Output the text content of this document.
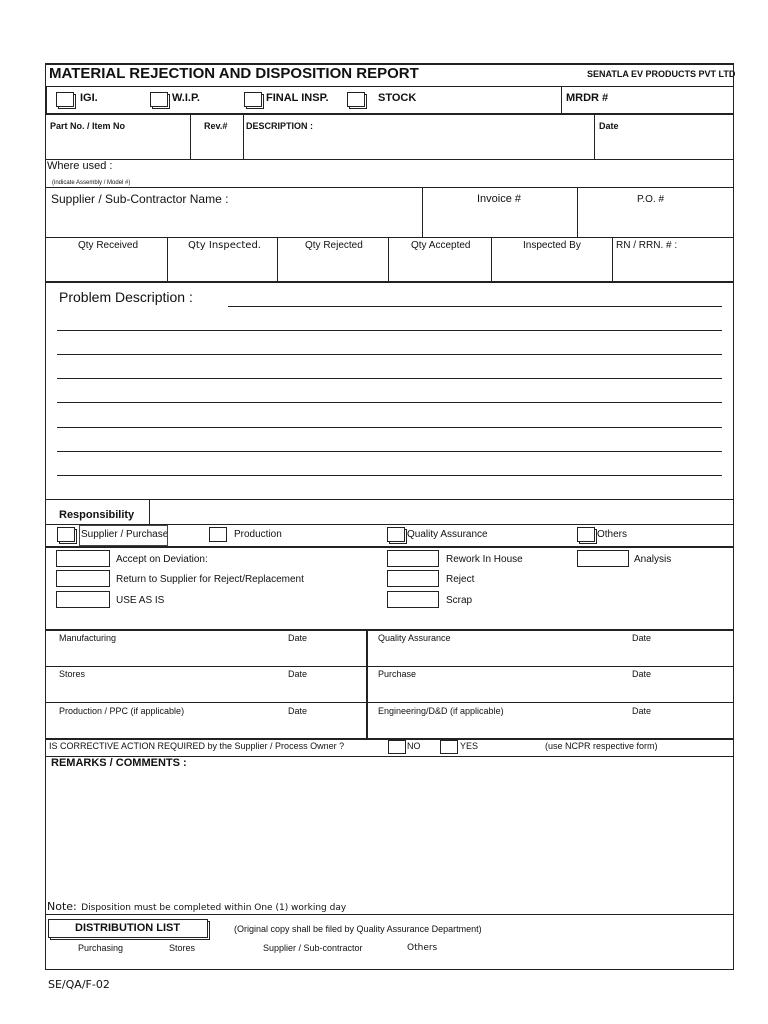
MATERIAL REJECTION AND DISPOSITION REPORT	SENATLA EV PRODUCTS PVT LTD
IGI.	W.I.P.	FINAL INSP.	STOCK	MRDR #
Part No. / Item No	Rev.# DESCRIPTION :	Date
Where used :
(indicate Assembly / Model #)
Supplier / Sub-Contractor Name :	Invoice #	P.O. #
Qty Received	Qty Inspected.	Qty Rejected	Qty Accepted	Inspected By	RN / RRN. # :
Problem Description :
Responsibility
Supplier / Purchase	Production	Quality Assurance	Others
Accept on Deviation:
Return to Supplier for Reject/Replacement
USE AS IS
Rework In House
Reject
Scrap
Analysis
Manufacturing	Date	Quality Assurance	Date
Stores	Date	Purchase	Date
Production / PPC (if applicable)	Date	Engineering/D&D (if applicable)	Date
IS CORRECTIVE ACTION REQUIRED by the Supplier / Process Owner ?	NO	YES	(use NCPR respective form)
REMARKS / COMMENTS :
Note: Disposition must be completed within One (1) working day
DISTRIBUTION LIST	(Original copy shall be filed by Quality Assurance Department)
Purchasing	Stores	Supplier / Sub-contractor	Others
SE/QA/F-02
